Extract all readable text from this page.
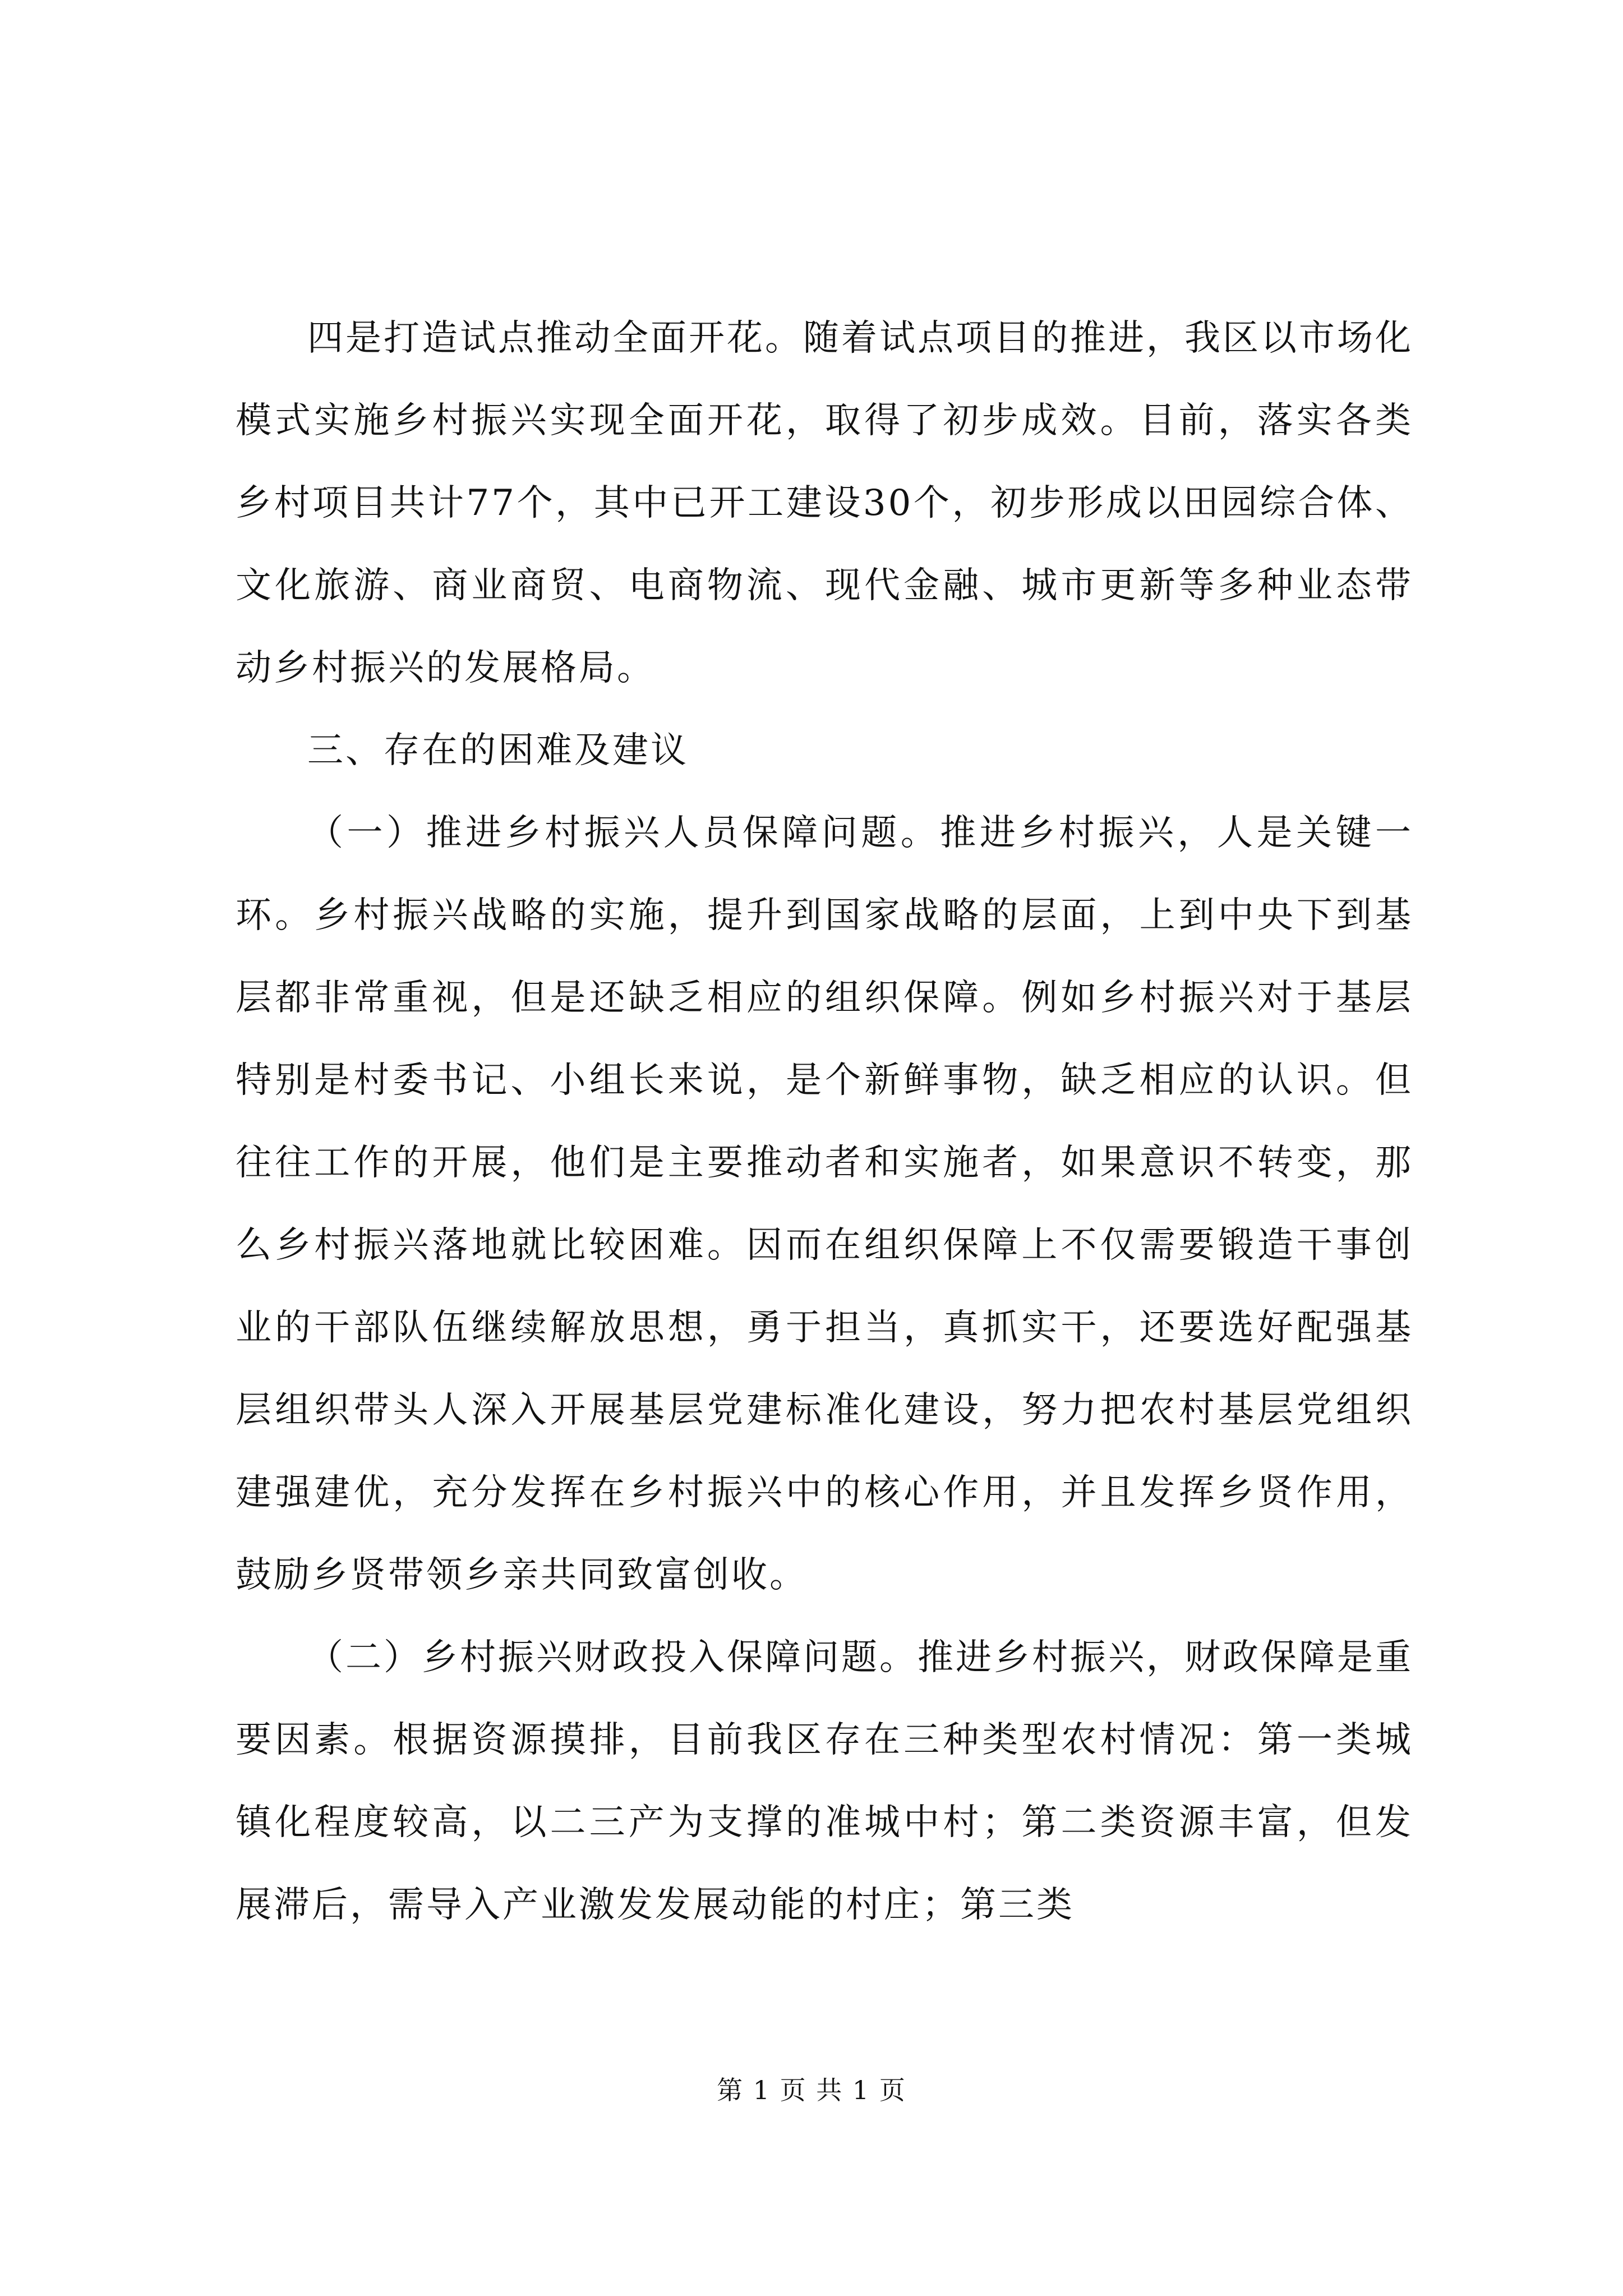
四是打造试点推动全面开花。随着试点项目的推进，我区以市场化模式实施乡村振兴实现全面开花，取得了初步成效。目前，落实各类乡村项目共计77个，其中已开工建设30个，初步形成以田园综合体、文化旅游、商业商贸、电商物流、现代金融、城市更新等多种业态带动乡村振兴的发展格局。

三、存在的困难及建议

（一）推进乡村振兴人员保障问题。推进乡村振兴，人是关键一环。乡村振兴战略的实施，提升到国家战略的层面，上到中央下到基层都非常重视，但是还缺乏相应的组织保障。例如乡村振兴对于基层特别是村委书记、小组长来说，是个新鲜事物，缺乏相应的认识。但往往工作的开展，他们是主要推动者和实施者，如果意识不转变，那么乡村振兴落地就比较困难。因而在组织保障上不仅需要锻造干事创业的干部队伍继续解放思想，勇于担当，真抓实干，还要选好配强基层组织带头人深入开展基层党建标准化建设，努力把农村基层党组织建强建优，充分发挥在乡村振兴中的核心作用，并且发挥乡贤作用，鼓励乡贤带领乡亲共同致富创收。

（二）乡村振兴财政投入保障问题。推进乡村振兴，财政保障是重要因素。根据资源摸排，目前我区存在三种类型农村情况：第一类城镇化程度较高，以二三产为支撑的准城中村；第二类资源丰富，但发展滞后，需导入产业激发发展动能的村庄；第三类

第 1 页 共 1 页
